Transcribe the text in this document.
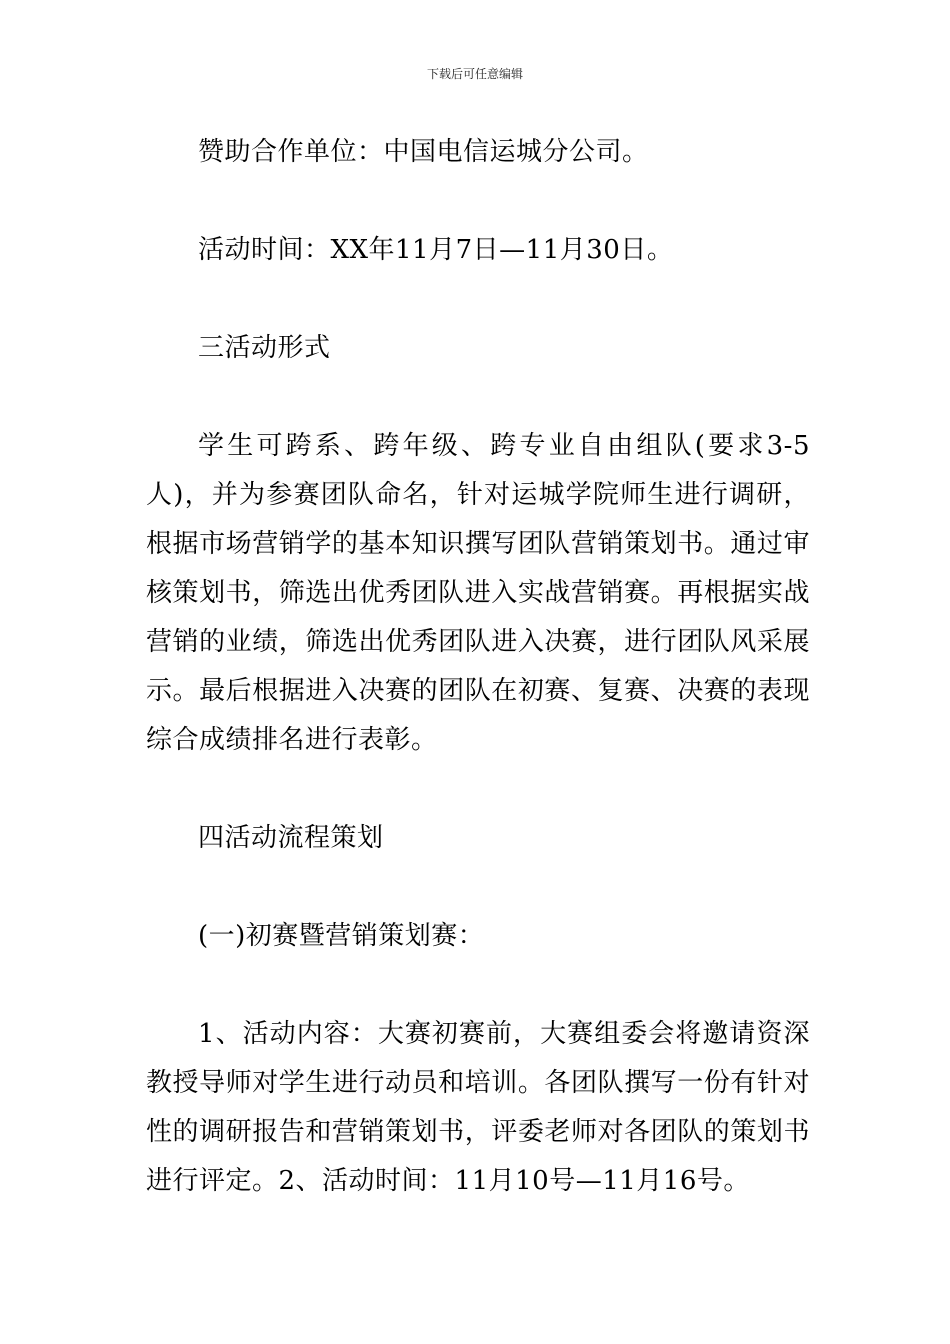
下载后可任意编辑

赞助合作单位：中国电信运城分公司。

活动时间：XX年11月7日—11月30日。

三活动形式

学生可跨系、跨年级、跨专业自由组队(要求3-5人)，并为参赛团队命名，针对运城学院师生进行调研，根据市场营销学的基本知识撰写团队营销策划书。通过审核策划书，筛选出优秀团队进入实战营销赛。再根据实战营销的业绩，筛选出优秀团队进入决赛，进行团队风采展示。最后根据进入决赛的团队在初赛、复赛、决赛的表现综合成绩排名进行表彰。

四活动流程策划

(一)初赛暨营销策划赛：

1、活动内容：大赛初赛前，大赛组委会将邀请资深教授导师对学生进行动员和培训。各团队撰写一份有针对性的调研报告和营销策划书，评委老师对各团队的策划书进行评定。2、活动时间：11月10号—11月16号。
